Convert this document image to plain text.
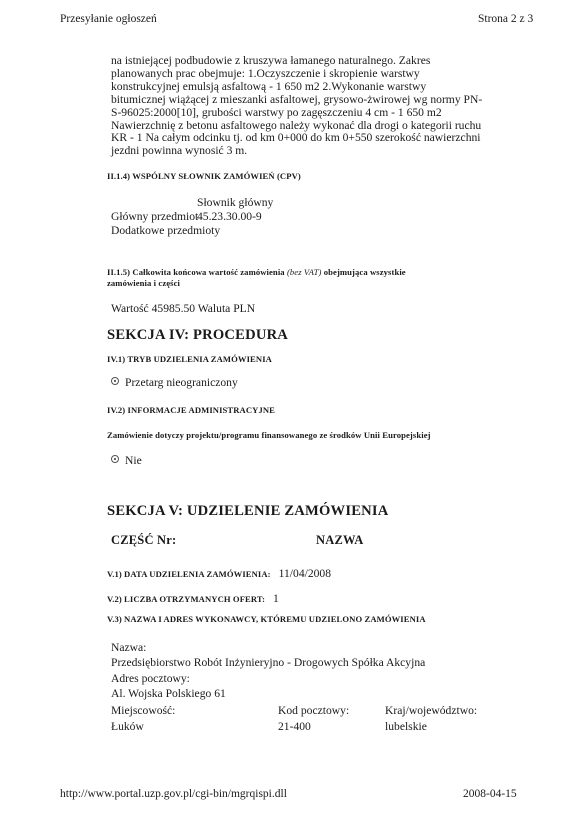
Przesyłanie ogłoszeń	Strona 2 z 3
na istniejącej podbudowie z kruszywa łamanego naturalnego. Zakres
planowanych prac obejmuje: 1.Oczyszczenie i skropienie warstwy
konstrukcyjnej emulsją asfaltową - 1 650 m2 2.Wykonanie warstwy
bitumicznej wiążącej z mieszanki asfaltowej, grysowo-żwirowej wg normy PN-
S-96025:2000[10], grubości warstwy po zagęszczeniu 4 cm - 1 650 m2
Nawierzchnię z betonu asfaltowego należy wykonać dla drogi o kategorii ruchu
KR - 1 Na całym odcinku tj. od km 0+000 do km 0+550 szerokość nawierzchni
jezdni powinna wynosić 3 m.
II.1.4) WSPÓLNY SŁOWNIK ZAMÓWIEŃ (CPV)
Słownik główny
Główny przedmiot
45.23.30.00-9
Dodatkowe przedmioty
II.1.5) Całkowita końcowa wartość zamówienia (bez VAT) obejmująca wszystkie
zamówienia i części
Wartość 45985.50 Waluta PLN
SEKCJA IV: PROCEDURA
IV.1) TRYB UDZIELENIA ZAMÓWIENIA
Przetarg nieograniczony
IV.2) INFORMACJE ADMINISTRACYJNE
Zamówienie dotyczy projektu/programu finansowanego ze środków Unii Europejskiej
Nie
SEKCJA V: UDZIELENIE ZAMÓWIENIA
CZĘŚĆ Nr:	NAZWA
V.1) DATA UDZIELENIA ZAMÓWIENIA: 11/04/2008
V.2) LICZBA OTRZYMANYCH OFERT: 1
V.3) NAZWA I ADRES WYKONAWCY, KTÓREMU UDZIELONO ZAMÓWIENIA
Nazwa:
Przedsiębiorstwo Robót Inżynieryjno - Drogowych Spółka Akcyjna
Adres pocztowy:
Al. Wojska Polskiego 61
Miejscowość:
Łuków
Kod pocztowy:
21-400
Kraj/województwo:
lubelskie
http://www.portal.uzp.gov.pl/cgi-bin/mgrqispi.dll	2008-04-15
